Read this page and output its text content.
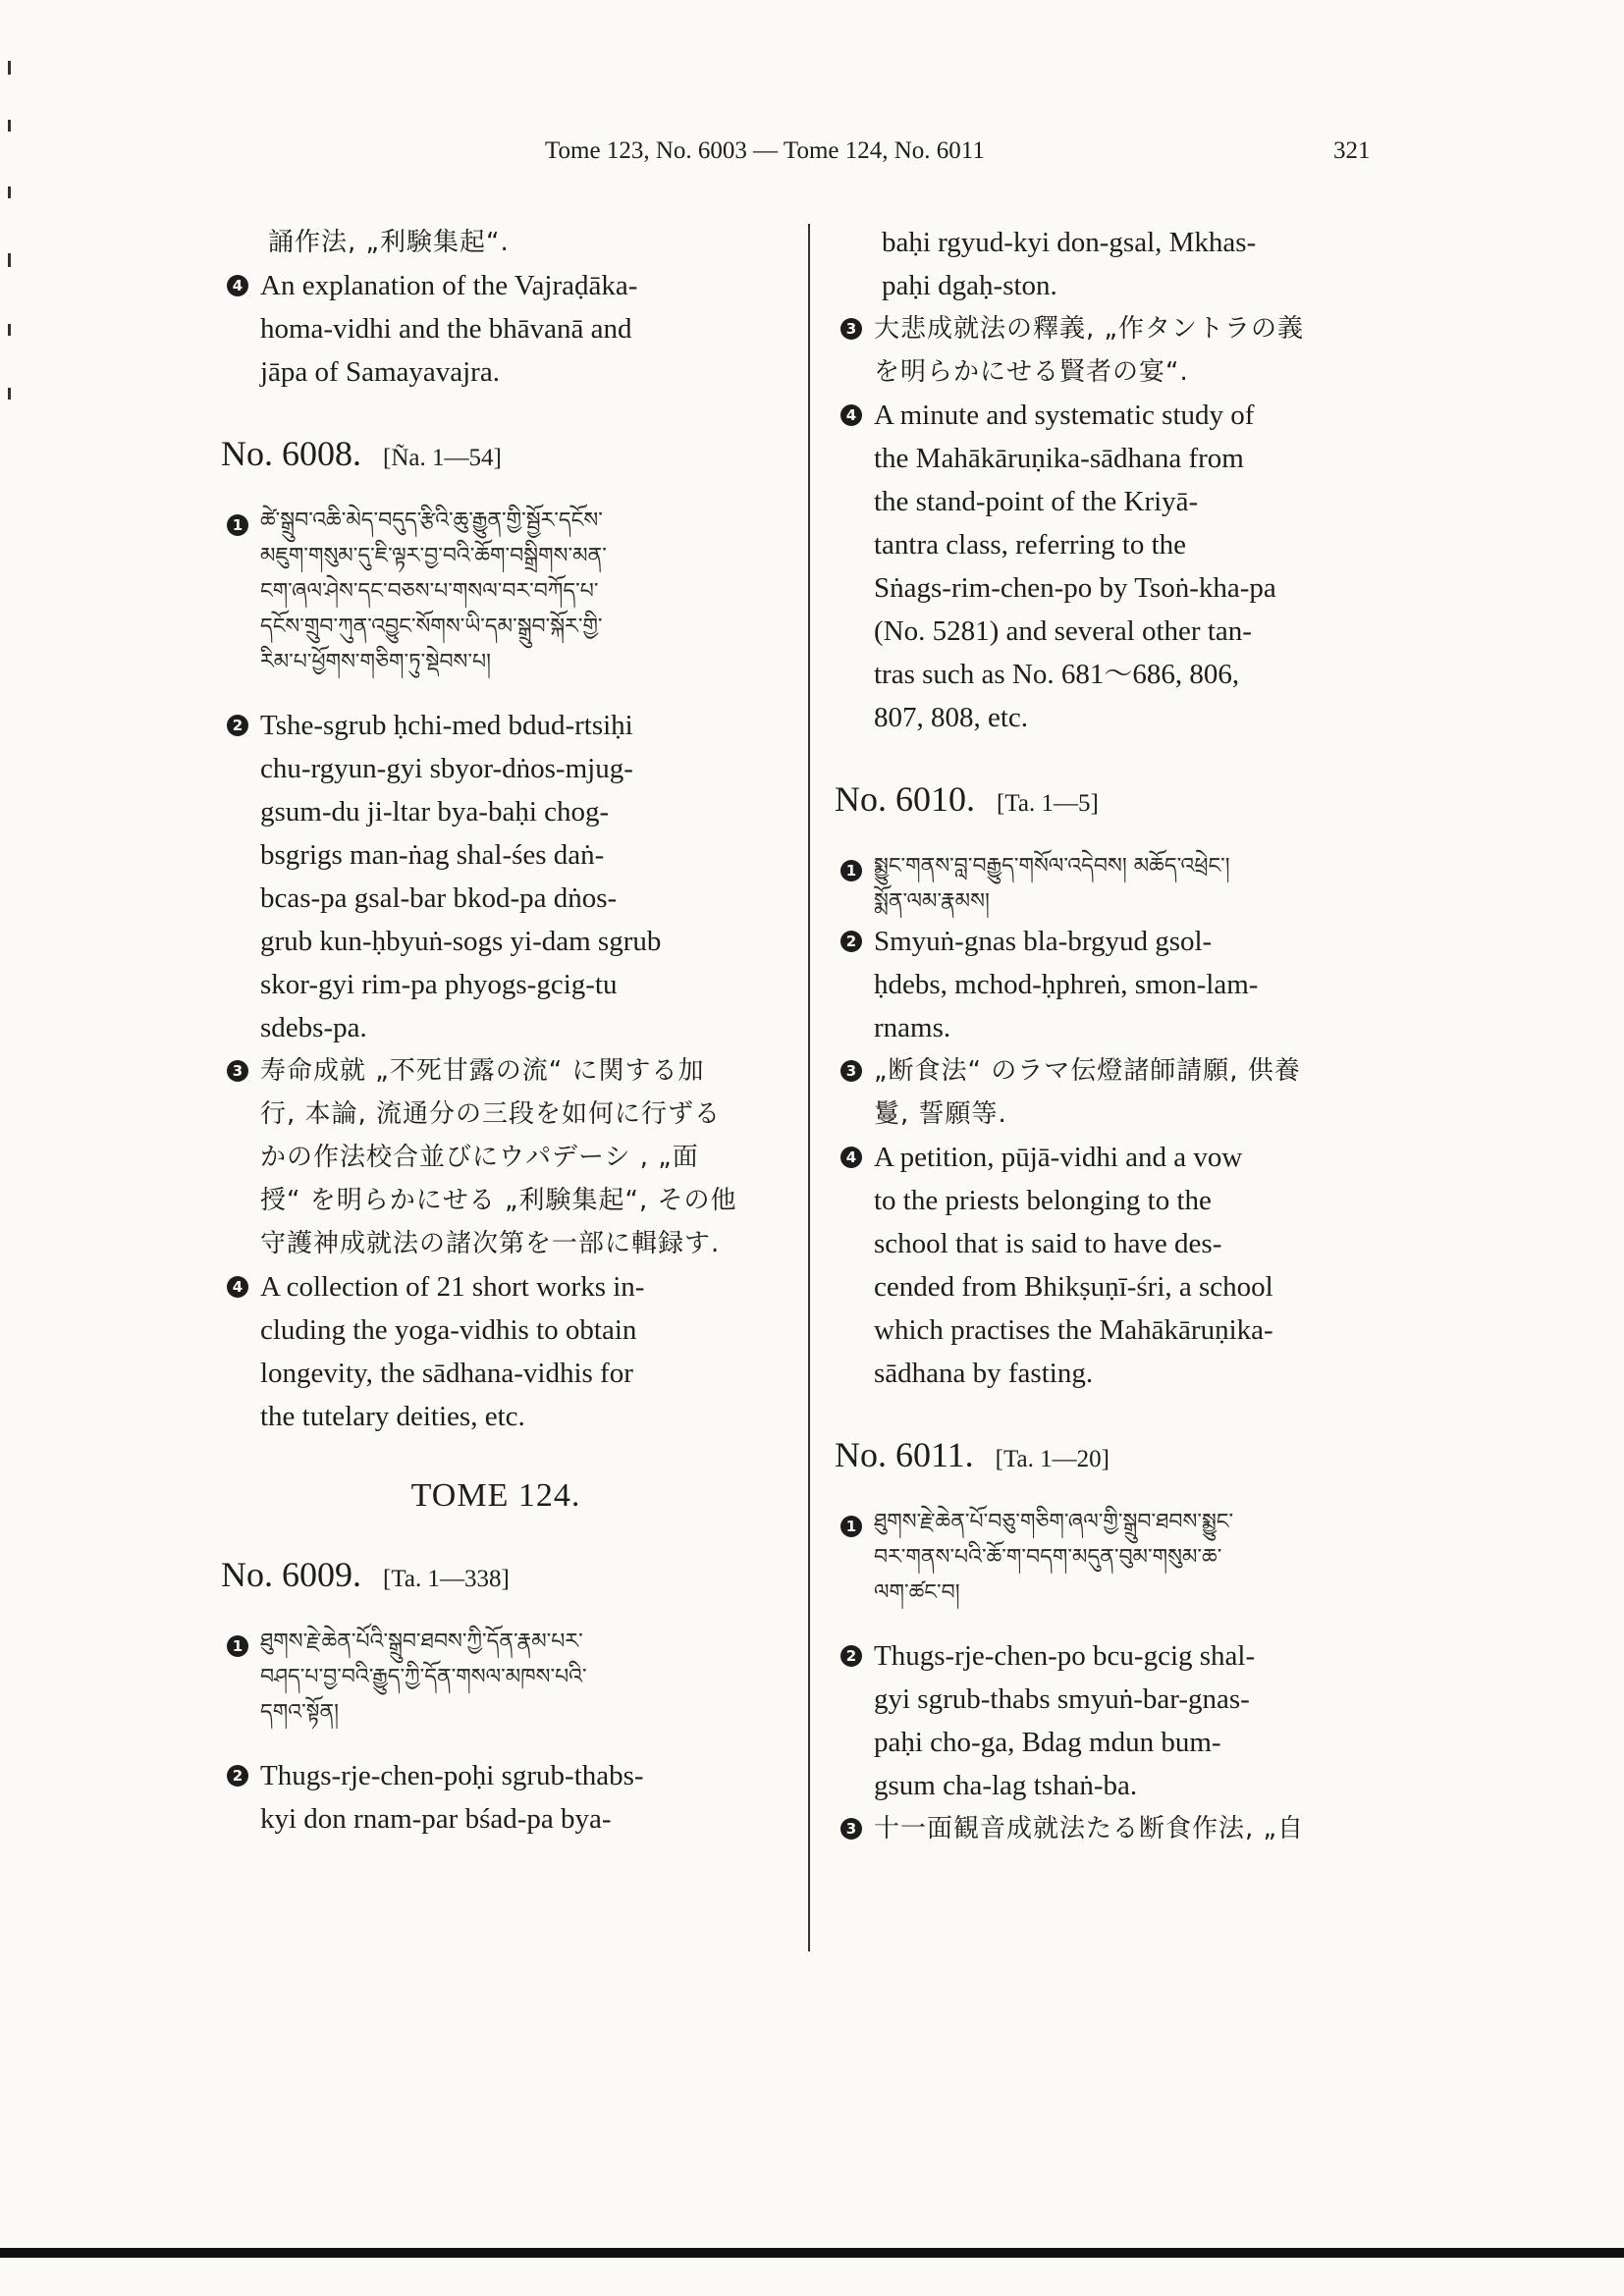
Tome 123, No. 6003 — Tome 124, No. 6011	321
誦作法, „利験集起“.
4 An explanation of the Vajraḍāka-
homa-vidhi and the bhāvanā and
jāpa of Samayavajra.
No. 6008. [Ña. 1—54]
1 ཚེ་སྒྲུབ་འཆི་མེད་བདུད་རྩིའི་ཆུ་རྒྱུན་གྱི་སྦྱོར་དངོས་
མཇུག་གསུམ་དུ་ཇི་ལྟར་བྱ་བའི་ཆོག་བསྒྲིགས་མན་
ངག་ཞལ་ཤེས་དང་བཅས་པ་གསལ་བར་བཀོད་པ་
དངོས་གྲུབ་ཀུན་འབྱུང་སོགས་ཡི་དམ་སྒྲུབ་སྐོར་གྱི་
རིམ་པ་ཕྱོགས་གཅིག་ཏུ་སྡེབས་པ།
2 Tshe-sgrub ḥchi-med bdud-rtsiḥi
chu-rgyun-gyi sbyor-dṅos-mjug-
gsum-du ji-ltar bya-baḥi chog-
bsgrigs man-ṅag shal-śes daṅ-
bcas-pa gsal-bar bkod-pa dṅos-
grub kun-ḥbyuṅ-sogs yi-dam sgrub
skor-gyi rim-pa phyogs-gcig-tu
sdebs-pa.
3 寿命成就 „不死甘露の流“ に関する加
行, 本論, 流通分の三段を如何に行ずる
かの作法校合並びにウパデーシ , „面
授“ を明らかにせる „利験集起“, その他
守護神成就法の諸次第を一部に輯録す.
4 A collection of 21 short works in-
cluding the yoga-vidhis to obtain
longevity, the sādhana-vidhis for
the tutelary deities, etc.
TOME 124.
No. 6009. [Ta. 1—338]
1 ཐུགས་རྗེ་ཆེན་པོའི་སྒྲུབ་ཐབས་ཀྱི་དོན་རྣམ་པར་
བཤད་པ་བྱ་བའི་རྒྱུད་ཀྱི་དོན་གསལ་མཁས་པའི་
དགའ་སྟོན།
2 Thugs-rje-chen-poḥi sgrub-thabs-
kyi don rnam-par bśad-pa bya-
baḥi rgyud-kyi don-gsal, Mkhas-
paḥi dgaḥ-ston.
3 大悲成就法の釋義, „作タントラの義
を明らかにせる賢者の宴“.
4 A minute and systematic study of
the Mahākāruṇika-sādhana from
the stand-point of the Kriyā-
tantra class, referring to the
Sṅags-rim-chen-po by Tsoṅ-kha-pa
(No. 5281) and several other tan-
tras such as No. 681～686, 806,
807, 808, etc.
No. 6010. [Ta. 1—5]
1 སྨྱུང་གནས་བླ་བརྒྱུད་གསོལ་འདེབས། མཆོད་འཕྲེང་།
སྨོན་ལམ་རྣམས།
2 Smyuṅ-gnas bla-brgyud gsol-
ḥdebs, mchod-ḥphreṅ, smon-lam-
rnams.
3 „断食法“ のラマ伝燈諸師請願, 供養
鬘, 誓願等.
4 A petition, pūjā-vidhi and a vow
to the priests belonging to the
school that is said to have des-
cended from Bhikṣuṇī-śri, a school
which practises the Mahākāruṇika-
sādhana by fasting.
No. 6011. [Ta. 1—20]
1 ཐུགས་རྗེ་ཆེན་པོ་བཅུ་གཅིག་ཞལ་གྱི་སྒྲུབ་ཐབས་སྨྱུང་
བར་གནས་པའི་ཆོ་ག་བདག་མདུན་བུམ་གསུམ་ཆ་
ལག་ཚང་བ།
2 Thugs-rje-chen-po bcu-gcig shal-
gyi sgrub-thabs smyuṅ-bar-gnas-
paḥi cho-ga, Bdag mdun bum-
gsum cha-lag tshaṅ-ba.
3 十一面観音成就法たる断食作法, „自
